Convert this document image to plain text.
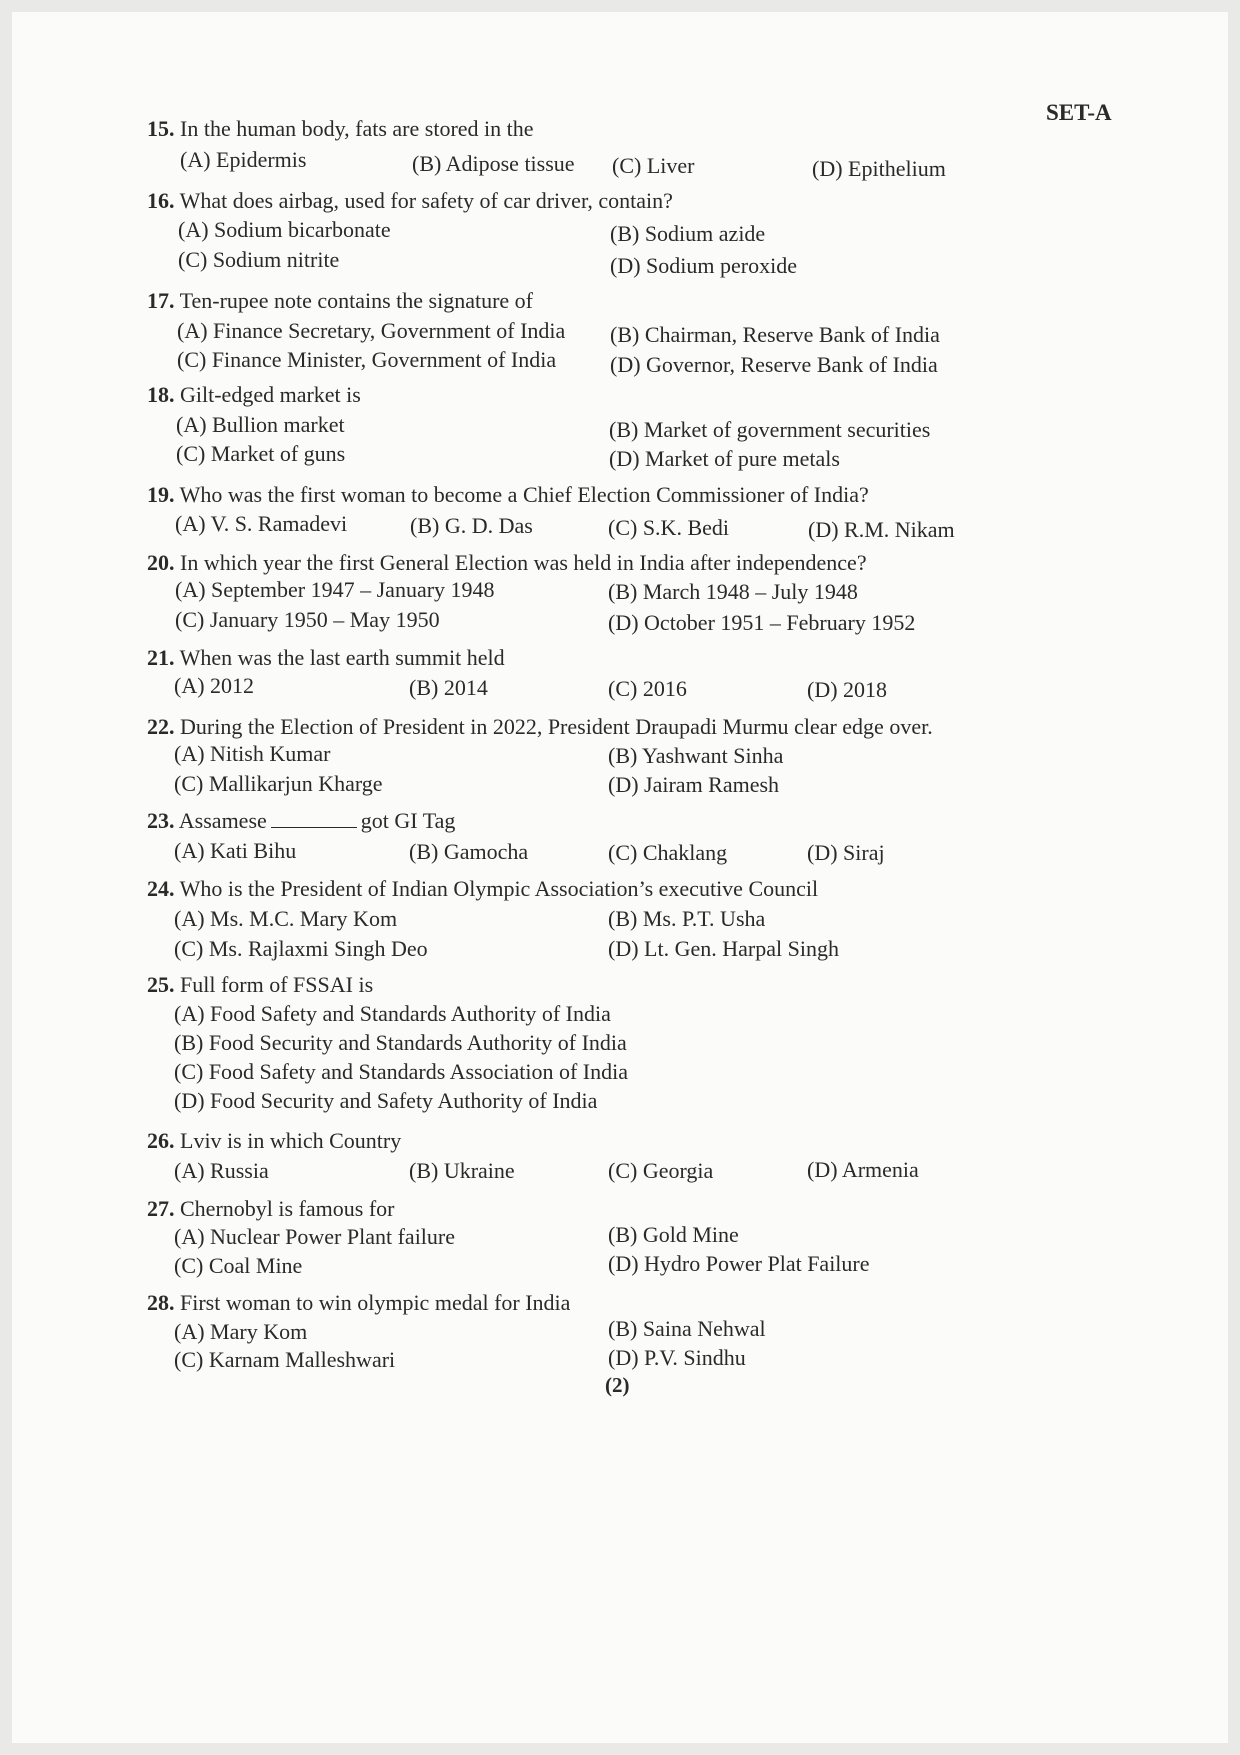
SET-A
15. In the human body, fats are stored in the
(A) Epidermis	(B) Adipose tissue (C) Liver	(D) Epithelium
16. What does airbag, used for safety of car driver, contain?
(A) Sodium bicarbonate	(B) Sodium azide
(C) Sodium nitrite	(D) Sodium peroxide
17. Ten-rupee note contains the signature of
(A) Finance Secretary, Government of India (B) Chairman, Reserve Bank of India
(C) Finance Minister, Government of India (D) Governor, Reserve Bank of India
18. Gilt-edged market is
(A) Bullion market	(B) Market of government securities
(C) Market of guns	(D) Market of pure metals
19. Who was the first woman to become a Chief Election Commissioner of India?
(A) V. S. Ramadevi	(B) G. D. Das	(C) S.K. Bedi	(D) R.M. Nikam
20. In which year the first General Election was held in India after independence?
(A) September 1947 – January 1948	(B) March 1948 – July 1948
(C) January 1950 – May 1950	(D) October 1951 – February 1952
21. When was the last earth summit held
(A) 2012	(B) 2014	(C) 2016	(D) 2018
22. During the Election of President in 2022, President Draupadi Murmu clear edge over.
(A) Nitish Kumar	(B) Yashwant Sinha
(C) Mallikarjun Kharge	(D) Jairam Ramesh
23. Assamese	got GI Tag
(A) Kati Bihu	(B) Gamocha	(C) Chaklang	(D) Siraj
24. Who is the President of Indian Olympic Association’s executive Council
(A) Ms. M.C. Mary Kom	(B) Ms. P.T. Usha
(C) Ms. Rajlaxmi Singh Deo	(D) Lt. Gen. Harpal Singh
25. Full form of FSSAI is
(A) Food Safety and Standards Authority of India
(B) Food Security and Standards Authority of India
(C) Food Safety and Standards Association of India
(D) Food Security and Safety Authority of India
26. Lviv is in which Country
(A) Russia	(B) Ukraine	(C) Georgia	(D) Armenia
27. Chernobyl is famous for
(A) Nuclear Power Plant failure	(B) Gold Mine
(C) Coal Mine	(D) Hydro Power Plat Failure
28. First woman to win olympic medal for India
(A) Mary Kom	(B) Saina Nehwal
(C) Karnam Malleshwari	(D) P.V. Sindhu
(2)
